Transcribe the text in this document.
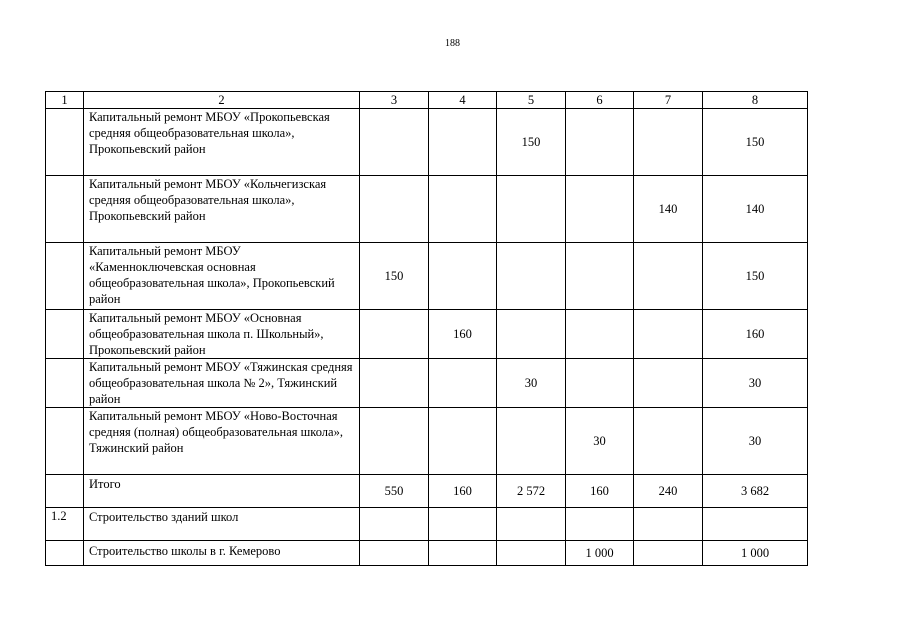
188
1	2	3	4	5	6	7	8
	Капитальный ремонт МБОУ «Прокопьевская средняя общеобразовательная школа», Прокопьевский район			150			150
	Капитальный ремонт МБОУ «Кольчегизская средняя общеобразовательная школа», Прокопьевский район					140	140
	Капитальный ремонт МБОУ «Каменноключевская основная общеобразовательная школа», Прокопьевский район	150					150
	Капитальный ремонт МБОУ «Основная общеобразовательная школа п. Школьный», Прокопьевский район		160				160
	Капитальный ремонт МБОУ «Тяжинская средняя общеобразовательная школа № 2», Тяжинский район			30			30
	Капитальный ремонт МБОУ «Ново-Восточная средняя (полная) общеобразовательная школа», Тяжинский район				30		30
	Итого	550	160	2 572	160	240	3 682
1.2	Строительство зданий школ						
	Строительство школы в г. Кемерово				1 000		1 000
